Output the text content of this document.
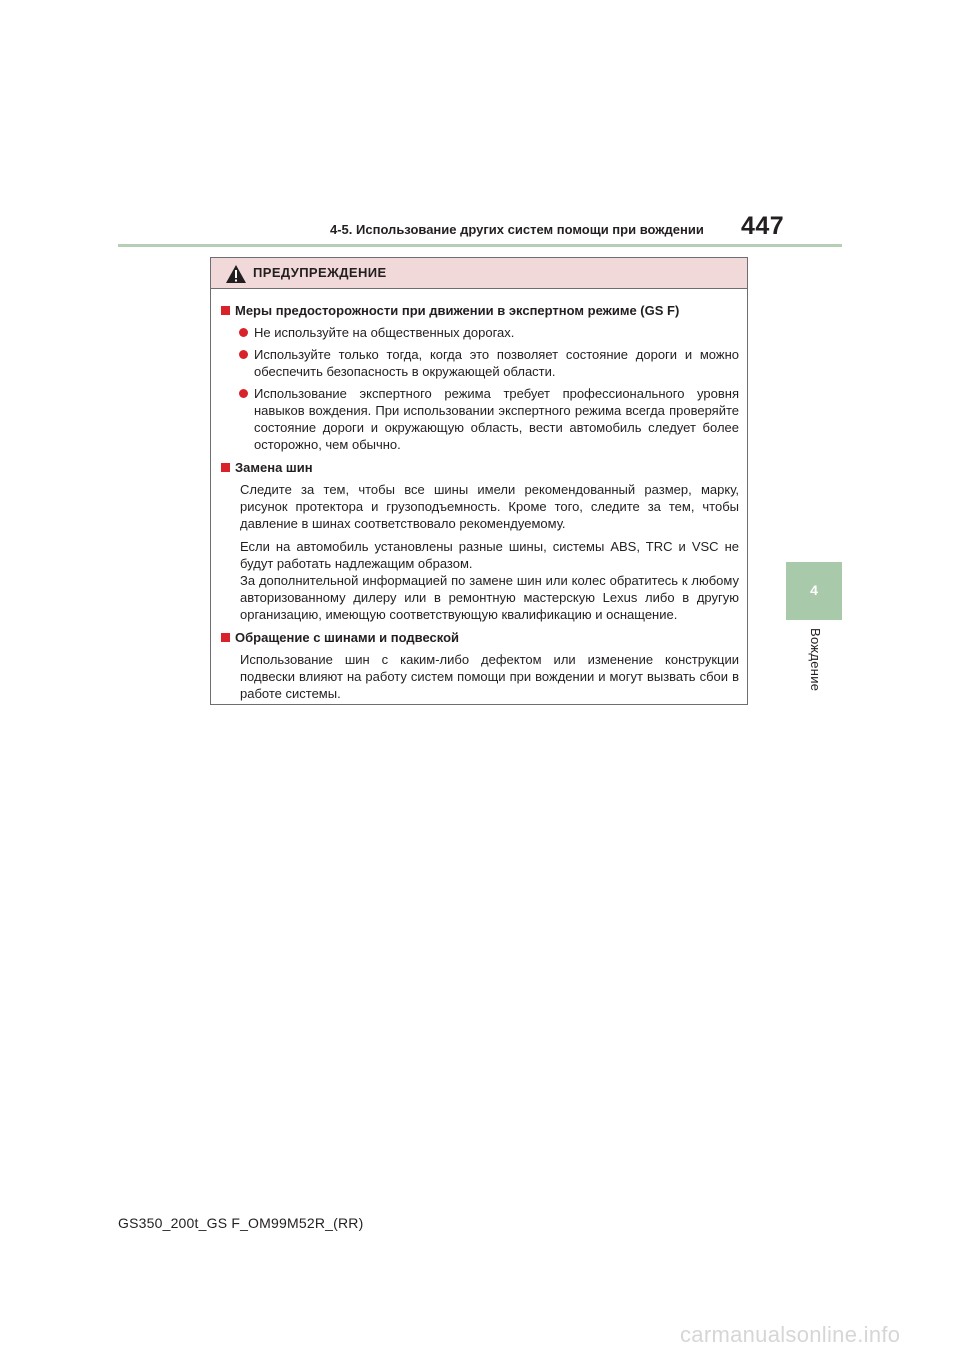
4-5. Использование других систем помощи при вождении 447
4
Вождение
ПРЕДУПРЕЖДЕНИЕ
Меры предосторожности при движении в экспертном режиме (GS F)
Не используйте на общественных дорогах.
Используйте только тогда, когда это позволяет состояние дороги и можно обеспечить безопасность в окружающей области.
Использование экспертного режима требует профессионального уровня навыков вождения. При использовании экспертного режима всегда проверяйте состояние дороги и окружающую область, вести автомобиль следует более осторожно, чем обычно.
Замена шин
Следите за тем, чтобы все шины имели рекомендованный размер, марку, рисунок протектора и грузоподъемность. Кроме того, следите за тем, чтобы давление в шинах соответствовало рекомендуемому.
Если на автомобиль установлены разные шины, системы ABS, TRC и VSC не будут работать надлежащим образом.
За дополнительной информацией по замене шин или колес обратитесь к любому авторизованному дилеру или в ремонтную мастерскую Lexus либо в другую организацию, имеющую соответствующую квалификацию и оснащение.
Обращение с шинами и подвеской
Использование шин с каким-либо дефектом или изменение конструкции подвески влияют на работу систем помощи при вождении и могут вызвать сбои в работе системы.
GS350_200t_GS F_OM99M52R_(RR)
carmanualsonline.info
